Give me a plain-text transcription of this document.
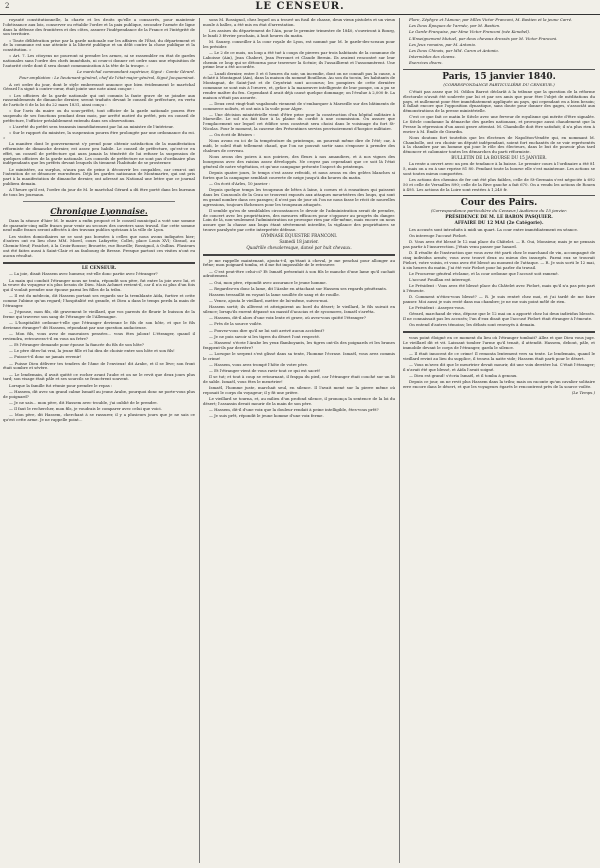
2	LE CENSEUR.

royauté constitutionnelle, la charte et les droits qu'elle a consacrés, pour maintenir l'obéissance aux lois, conserver ou rétablir l'ordre et la paix publique, seconder l'armée de ligne dans la défense des frontières et des côtes, assurer l'indépendance de la France et l'intégrité de son territoire.

« Toute délibération prise par la garde nationale sur les affaires de l'État, du département et de la commune est une atteinte à la liberté publique et un délit contre la chose publique et la constitution. »

« Art. 7. Les citoyens ne pourront ni prendre les armes, ni se rassembler en état de gardes nationales sans l'ordre des chefs immédiats, ni ceux-ci donner cet ordre sans une réquisition de l'autorité civile dont il sera donné communication à la tête de la troupe. »

Le maréchal commandant supérieur, Signé : Comte Gérard.

Pour ampliation : Le lieutenant-général, chef de l'état-major-général, Signé Jacqueminot.

A cet ordre du jour, dont le style emberrassé annonce que bien évidemment le maréchal Gérard l'a signé à contre-cœur, était jointe une note ainsi conçue :

« Les officiers de la garde nationale qui ont commis la faute grave de se joindre aux rassemblements de dimanche dernier, seront traduits devant le conseil de préfecture, en vertu de l'article 6 de la loi du 22 mars 1831, ainsi conçu :

« Sur l'avis du maire ou du sous-préfet, tout officier de la garde nationale pourra être suspendu de ses fonctions pendant deux mois, par arrêté motivé du préfet, pris en conseil de préfecture, l'officier préalablement entendu dans ses observations.

« L'arrêté du préfet sera transmis immédiatement par lui au ministre de l'intérieur.

« Sur le rapport du ministre, la suspension pourra être prolongée par une ordonnance du roi. »

La manière dont le gouvernement s'y prend pour obtenir satisfaction de la manifestation réformiste de dimanche dernier, est assez peu habile. Le conseil de préfecture, qu'est-ce en effet, un conseil de préfecture qui aura jamais la témérité de lui refuser la suspension de quelques officiers de la garde nationale. Les conseils de préfecture ne sont pas d'ordinaire plus indépendants que les préfets devant lesquels ils tiennent l'habitude de se prosterner.

Le ministère, au surplus, n'aura pas de peine à découvrir les coupables, car ceux-ci ont l'intention de se dénoncer eux-mêmes. Déjà les gardes nationaux de Montmartre, qui ont pris part à la manifestation de dimanche dernier, ont adressé au National une lettre que ce journal publiera demain.

A l'heure qu'il est, l'ordre du jour de M. le maréchal Gérard a dû être porté dans les bureaux de tous les journaux.

Chronique Lyonnaise.

Dans la séance d'hier M. le maire a enfin proposé et le conseil municipal a voté une somme de quarante-cinq mille francs pour venir au secours des ouvriers sans travail. Sur cette somme neuf mille francs seront affectés à des travaux publics spéciaux à la ville de Lyon.

Les visites domiciliaires ne se sont pas bornées à celles que nous avons indiquées hier; d'autres ont eu lieu chez MM. Morel, cours Lafayette; Collet, place Louis XVI; Giraud, au Chemin-Neuf; Fraichet, à la Croix-Rousse; Brouette, rue Bouville; Rossignol, à Oullins. Plusieurs ont été faites aussi à Saint-Clair et au faubourg de Bresse. Presque partout ces visites n'ont eu aucun résultat.

LE CENSEUR.

— La joie, disait Hassem avec humeur, est-elle donc partie avec l'étranger?

La main qui conduit l'étranger nous ne tenta, répondit son père, fut entre la joie avec lui, et la veuve du voyageur n'a plus besoin de Dieu. Mais Achmet revient-il, car il n'a ni plus d'un fois qui il voulait prendre une épouse parmi les filles de la tribu.

— Il est du médecin, dit Hassem portant ses regards sur la tremblante Aïda, furtive et cette comme l'abime qu'un regard; l'hospitalité est grande, et Dieu a dans le temps perdu la main de l'étranger.

— J'épouse, mon fils, dit gravement le vieillard, que vos parents de fleurir le buisson de la ferme qui traverse son sang de l'étranger de l'Allemagne.

— L'hospitalité ordonne-t-elle que l'étranger devienne le fils de son hôte, et que le fils devienne étranger? dit Hassem, répondant par une question audacieuse.

— Mon fils, vous avez de mauvaises pensées... vous êtes jaloux! L'étranger, quand il reviendra, retrouvera-t-il en vous un frère?

— Et l'étranger demande pour épouse la fiancée du fils de son hôte?

— Le père dites-lui vrai, la jeune fille et lui dira de choisir entre son hôte et son fils!

— Puisse-t-il donc ne jamais revenir!

— Puisse Dieu délivrer tes tendres de l'âme de l'envieux! dit Arabe, et il se lève; son front était sombre et sévère.

— Le lendemain, il avait quitté ce rocher avant l'aube et on ne le revit que deux jours plus tard; son visage était pâle et ses sourcils se froncèrent souvent.

Lorsque la famille fut réunie pour prendre le repas :

— Hassem, dit avec un grand calme Ismaël au jeune Arabe, pourquoi donc ne porte-vous plus de poignard?

— Je ne sais... mon père, dit Hassem avec trouble, j'ai oublié de le prendre.

— Il faut le rechercher, mon fils, je voudrais le comparer avec celui que voici.

— Mon père, dit Hassem, cherchant à se rassurer, il y a plusieurs jours que je ne sais ce qu'est cette arme. Je ne rappelle point...

sons M. Rossignol, chez lequel on a trouvé un fusil de chasse, deux vieux pistolets et un vieux moule à balles, a été mis en état d'arrestation.

Les assises du département de l'Ain, pour le premier trimestre de 1840, s'ouvriront à Bourg, le lundi 3 février prochain, à huit heures du matin.

M. Sauzey, conseiller à la cour royale de Lyon, est nommé par M. le garde-des-sceaux pour les présider.

— Le 2 de ce mois, un loup a été tué à coups de pierres par trois habitants de la commune de Laboisse (Ain), Jean Chabert, Jean Perronet et Claude Bernin. Ils avaient rencontré sur leur chemin ce loup qui se détourna pour traverser la Scénie; ils l'assaillirent et l'assommèrent. Une prime leur a été accordée.

— Lundi dernier, entre 5 et 6 heures du soir, un incendie, dont on ne connaît pas la cause, a éclaté à Montagnat (Ain), dans la maison du nommé Bouilloux. Au son du tocsin, les habitants de Montagnat, de Saint-Just et de Ceyzériat sont accourus; les pompiers de cette dernière commune se sont mis à l'œuvre, et, grâce à la manœuvre intelligente de leur pompe, on a pu se rendre maître du feu. Cependant il avait déjà causé quelque dommage; on l'évalue à 2,000 fr. La maison n'était pas assurée.

— Deux cent vingt-huit vagabonds viennent de s'embarquer à Marseille sur des bâtiments de commerce nolisés, et ont mis à la voile pour Alger.

— Une décision ministérielle vient d'être prise pour la construction d'un hôpital militaire à Marseille. Le sol n'a fait face à la plaine du cordié à une commission. On assure que l'emplacement sur lequel cet édifice sera construit sera choisi dans le voisinage du fort St-Nicolas. Pour le moment, la caserne des Présentines servira provisoirement d'hospice militaire.

— On écrit de Béziers :

Nous avons eu ici de la température du printemps, on pourrait même dire de l'été; car, à midi, le soleil était tellement chaud, que l'on ne pouvait sortir sans s'exposer à prendre des chaleurs de cerveau.

Nous avons des poires à nos poiriers, des fleurs à nos amandiers, et à nos vignes des bourgeons avec des raisins assez développés. Ne croyez pas cependant que ce soit là l'état général de notre végétation, et qu'une campagne présente l'aspect du printemps.

Depuis quatre jours, le temps s'est assez refroidi, et nous avons eu des gelées blanches si fortes que la campagne semblait couverte de neige jusqu'à dix heures du matin.

— On écrit d'Arles, 10 janvier :

Depuis quelque temps les troupeaux de bêtes à laine, à cornes et à rousatines qui paissent dans les Coussouls de la Crau se trouvent exposés aux attaques meurtrières des loups, qui sont en grand nombre dans ces parages; il n'est pas de jour où l'on ne nous fasse le récit de nouvelles agressions, toujours fâcheuses pour les troupeaux attaqués.

Il semble qu'en de semblables circonstances le devoir de l'administration serait de prendre, de concert avec les propriétaires, des mesures efficaces pour s'opposer au progrès du danger. Loin de là, non-seulement l'administration ne provoque rien par elle-même, mais encore on nous assure que la chasse aux loups étant sévèrement interdite, la vigilance des propriétaires se trouve paralysée par cette interprétée défense.

GYMNASE ÉQUESTRE FRANCONI.
Samedi 18 janvier.
Quadrille chevaleresque, dansé par huit chevaux.

je me rappelle maintenant, ajouta-t-il, qu'étant à cheval, je me penchai pour allonger au frêne; mon poignard tomba, et il me fut impossible de le retrouver.

— C'est peut-être celui-ci? Et Ismaël présentait à son fils le manche d'une lame qu'il cachait adroitement.

— Oui, mon père, répondit avec assurance le jeune homme.

— Regardez-en donc la lame, dit l'Arabe en attachant sur Hassem ses regards pénétrants.

Hassem tressaillit en voyant la lame souillée de sang et de rouille.

— Venez, ajouta le vieillard, mettre de lui-même, suivez-moi.

Hassem sortit; ils allèrent et atteignirent au bord du désert; le vieillard, le fils suivait en silence; lorsqu'ils eurent dépassé un massif d'acacias et de sycomores, Ismaël s'arrêta.

— Hassem, dit-il alors d'une voix lente et grave, où avez-vous quitté l'étranger?

— Près de la source voilée.

— Pouvez-vous dire qu'il ne lui soit arrivé aucun accident?

— Je ne puis savoir si les tigres du désert l'ont respecté.

— Hassem! s'écrie l'Arabe les yeux flamboyants, les tigres ont-ils des poignards et les brunes frappent-ils par derrière?

— Lorsque le serpent s'est glissé dans sa tente, l'homme l'écrase. Ismaël, vous avez commis le crime!

— Hassem, vous avez trompé l'hôte de votre père.

— Et l'étranger vient de vous ravir tout ce qui est sacré!

Il se tut; et tout à coup se retournant, il frappa du pied, car l'étranger était couché sur un lit de sable. Ismaël, vous êtes le meurtrier!

Ismaël, l'homme juste, marchait seul, en silence. Il l'avait mené sur la pierre même où reposait le corps du voyageur; il y fit une prière.

Le vieillard se tourna, et, au milieu d'un profond silence, il prononça la sentence de la loi du désert; l'assassin devait mourir de la main de son père.

— Hassem, dit-il d'une voix que la douleur rendait à peine intelligible, êtes-vous prêt?

— Je suis prêt, répondit le jeune homme d'une voix ferme.

Flore, Zéphyre et l'Amour, par Mlles Victor Franconi, M. Bastien et la jeune Carré.

Les Deux Époques de l'armée, par M. Bastien.

Le Garde-Française, par Mme Victor Franconi (née Kenebel).

L'Enseignement Mutuel, par deux chevaux dressés par M. Victor Franconi.

Les Jeux romains, par M. Antonio.

Les Deux Chinois, par MM. Caron et Antonio.

Intermèdes des clowns.

Exercices divers.

Paris, 15 janvier 1840.
(CORRESPONDANCE PARTICULIÈRE DU CENSEUR.)

C'était pas assez que M. Odilon Barrot déclarât à la tribune que la question de la réforme électorale n'avait été soulevée par lui et par ses amis que pour être l'objet de méditations du pays, et nullement pour être immédiatement appliquée au pays, qui cependant en a bien besoin; il fallait encore que l'opposition dynastique, sans doute pour donner des gages, s'associât aux démonstrations de la presse ministérielle.

C'est ce que fait ce matin le Siècle avec une ferveur de royalisme qui mérite d'être signalée. Le Siècle condamne la démarche des gardes nationaux, et provoque aussi chaudement que la Presse la répression d'un aussi grave attentat. M. Chambolle doit être satisfait; il n'a plus rien à envier à M. Émile de Girardin.

Nous doutons fort toutefois que les électeurs de Napoléon-Vendée qui, en nommant M. Chambolle, ont cru choisir un député indépendant, soient fort enchantés de se voir représentés à la chambre par un homme qui joue le rôle des électeurs, dans le but de pouvoir plus tard dénoncer et calomnier toutes les démarches du parti réformiste.

BULLETIN DE LA BOURSE DU 15 JANVIER.

La rente a ouvert avec un peu de tendance à la baisse. Le premier cours à l'ordinaire a été 81 5, mais on a eu à une reprise 81 80. Pendant toute la bourse elle s'est maintenue. Les actions se sont toutes mieux comportées.

Les actions des chemins de fer ont été plus faibles, celle de St-Germain s'est négociée à 692 50 et celle de Versailles 890; celle de la Rive gauche a fait 670. On a vendu les actions de Rouen à 495. Les actions de la Loire sont restées à 1,240 fr.

Cour des Pairs.
(Correspondance particulière du Censeur.) Audience du 15 janvier.
PRÉSIDENCE DE M. LE BARON PASQUIER.
AFFAIRE DU 12 MAI (2e Catégorie).

Les accusés sont introduits à midi un quart. La cour entre immédiatement en séance.

On interroge l'accusé Pielort.

D. Vous avez été blessé le 12 mai place du Châtelet. — R. Oui, Monsieur, mais je ne pensais pas partir à l'insurrection. J'étais venu passer par hasard.

D. Il résulte de l'instruction que vous avez été parti chez le marchand de vin, accompagné de cinq individus armés; vous avez trouvé deux ou mieux des insurgés. Parmi eux se trouvait Pielort, votre voisin, et vous avez été blessé au moment de l'attaque. — R. Je suis sorti le 12 mai, à six heures du matin. J'ai été voir Pielort pour lui parler du travail.

Le Procureur général réclame, et la cour ordonne que l'accusé soit ramené.

L'accusé Fouillan est interrogé.

Le Président : Vous avez été blessé place du Châtelet avec Pielort, mais qu'il n'a pas pris part à l'émeute.

D. Comment n'étiez-vous blessé? — R. Je suis rentré chez moi, et j'ai tardé de me faire panser. Moi aussi je suis resté dans ma chambre; je ne me suis point mêlé de rien.

Le Président : Asseyez-vous.

Gérard, marchand de vins, dépose que le 12 mai on a apporté chez lui deux individus blessés. Il ne connaissait pas les accusés; l'un d'eux disait que l'accusé Pielort était étranger à l'émeute.

On entend d'autres témoins; les débats sont renvoyés à demain.

vous point éloigné en ce moment du lieu où l'étranger tombait? Allez et que Dieu vous juge. Le vieillard dit et vit. Laissant tomber l'arme qu'il tenait, il attendit. Hassem, debout, pâle, et immobile devant le corps de l'étranger, garda le silence.

— Il était innocent de ce crime! Il remonta lentement vers sa tente. Le lendemain, quand le vieillard revint au lieu du supplice, il trouva la natte vide; Hassem était parti pour le désert.

— Vous m'avez dit que le meurtrier devait mourir, dit une voix derrière lui. C'était l'étranger; il n'avait été que blessé, et Aïda l'avait soigné.

— Dieu est grand! s'écria Ismaël, et il tomba à genoux.

Depuis ce jour, on ne revit plus Hassem dans la tribu; mais on raconte qu'un cavalier solitaire erre encore dans le désert, et que les voyageurs égarés le rencontrent près de la source voilée.

(Le Temps.)
